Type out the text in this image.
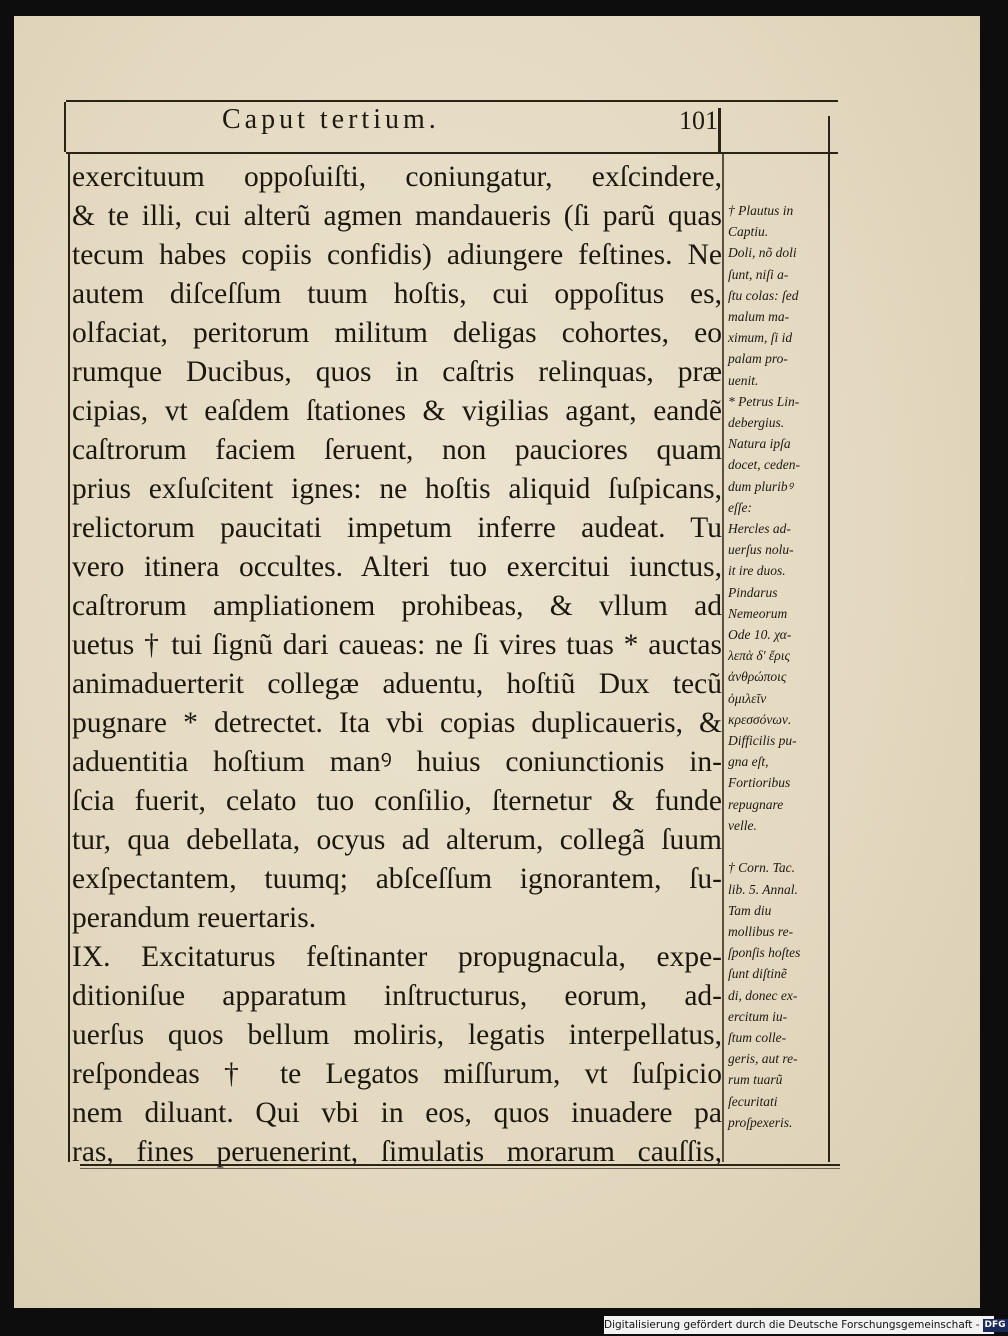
Caput tertium.	101
exercituum oppoſuiſti, coniungatur, exſcindere,
& te illi, cui alterũ agmen mandaueris (ſi parũ quas
tecum habes copiis confidis) adiungere feſtines. Ne
autem diſceſſum tuum hoſtis, cui oppoſitus es,
olfaciat, peritorum militum deligas cohortes, eo
rumque Ducibus, quos in caſtris relinquas, præ
cipias, vt eaſdem ſtationes & vigilias agant, eandẽ
caſtrorum faciem ſeruent, non pauciores quam
prius exſuſcitent ignes: ne hoſtis aliquid ſuſpicans,
relictorum paucitati impetum inferre audeat. Tu
vero itinera occultes. Alteri tuo exercitui iunctus,
caſtrorum ampliationem prohibeas, & vllum ad
uetus † tui ſignũ dari caueas: ne ſi vires tuas * auctas
animaduerterit collegæ aduentu, hoſtiũ Dux tecũ
pugnare * detrectet. Ita vbi copias duplicaueris, &
aduentitia hoſtium manꝰ huius coniunctionis in-
ſcia fuerit, celato tuo conſilio, ſternetur & funde
tur, qua debellata, ocyus ad alterum, collegã ſuum
exſpectantem, tuumq; abſceſſum ignorantem, ſu-
perandum reuertaris.
IX. Excitaturus feſtinanter propugnacula, expe-
ditioniſue apparatum inſtructurus, eorum, ad-
uerſus quos bellum moliris, legatis interpellatus,
reſpondeas † te Legatos miſſurum, vt ſuſpicio
nem diluant. Qui vbi in eos, quos inuadere pa
ras, fines peruenerint, ſimulatis morarum cauſſis,
† Plautus in
Captiu.
Doli, nõ doli
ſunt, niſi a-
ſtu colas: ſed
malum ma-
ximum, ſi id
palam pro-
uenit.
* Petrus Lin-
debergius.
Natura ipſa
docet, ceden-
dum pluribꝰ
eſſe:
Hercles ad-
uerſus nolu-
it ire duos.
Pindarus
Nemeorum
Ode 10. χα-
λεπὰ δ' ἔρις
ἀνθρώποις
ὁμιλεῖν
κρεσσόνων.
Difficilis pu-
gna eſt,
Fortioribus
repugnare
velle.

† Corn. Tac.
lib. 5. Annal.
Tam diu
mollibus re-
ſponſis hoſtes
ſunt diſtinẽ
di, donec ex-
ercitum iu-
ſtum colle-
geris, aut re-
rum tuarũ
ſecuritati
proſpexeris.
Digitalisierung gefördert durch die Deutsche Forschungsgemeinschaft - DFG
